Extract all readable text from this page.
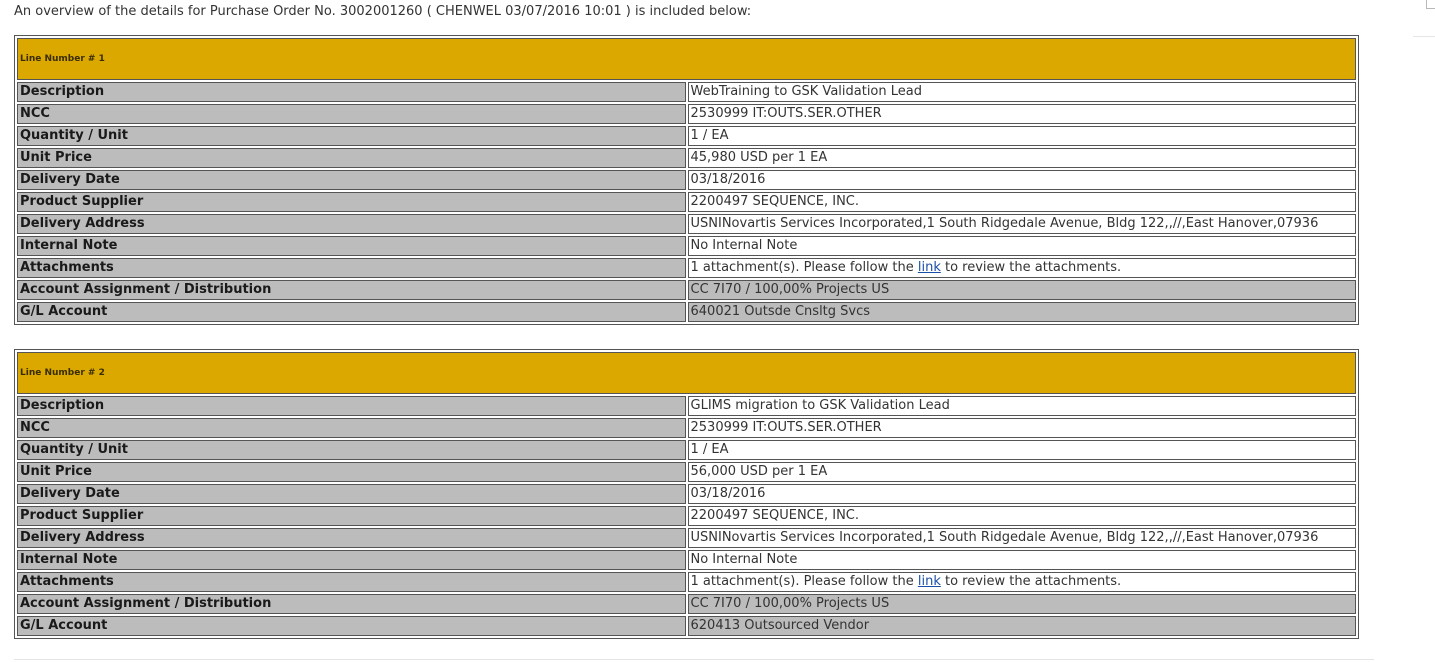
An overview of the details for Purchase Order No. 3002001260 ( CHENWEL 03/07/2016 10:01 ) is included below:
Line Number # 1	
Description	WebTraining to GSK Validation Lead
NCC	2530999 IT:OUTS.SER.OTHER
Quantity / Unit	1 / EA
Unit Price	45,980 USD per 1 EA
Delivery Date	03/18/2016
Product Supplier	2200497 SEQUENCE, INC.
Delivery Address	USNINovartis Services Incorporated,1 South Ridgedale Avenue, Bldg 122,,//,East Hanover,07936
Internal Note	No Internal Note
Attachments	1 attachment(s). Please follow the link to review the attachments.
Account Assignment / Distribution	CC 7I70 / 100,00% Projects US
G/L Account	640021 Outsde Cnsltg Svcs
Line Number # 2	
Description	GLIMS migration to GSK Validation Lead
NCC	2530999 IT:OUTS.SER.OTHER
Quantity / Unit	1 / EA
Unit Price	56,000 USD per 1 EA
Delivery Date	03/18/2016
Product Supplier	2200497 SEQUENCE, INC.
Delivery Address	USNINovartis Services Incorporated,1 South Ridgedale Avenue, Bldg 122,,//,East Hanover,07936
Internal Note	No Internal Note
Attachments	1 attachment(s). Please follow the link to review the attachments.
Account Assignment / Distribution	CC 7I70 / 100,00% Projects US
G/L Account	620413 Outsourced Vendor
